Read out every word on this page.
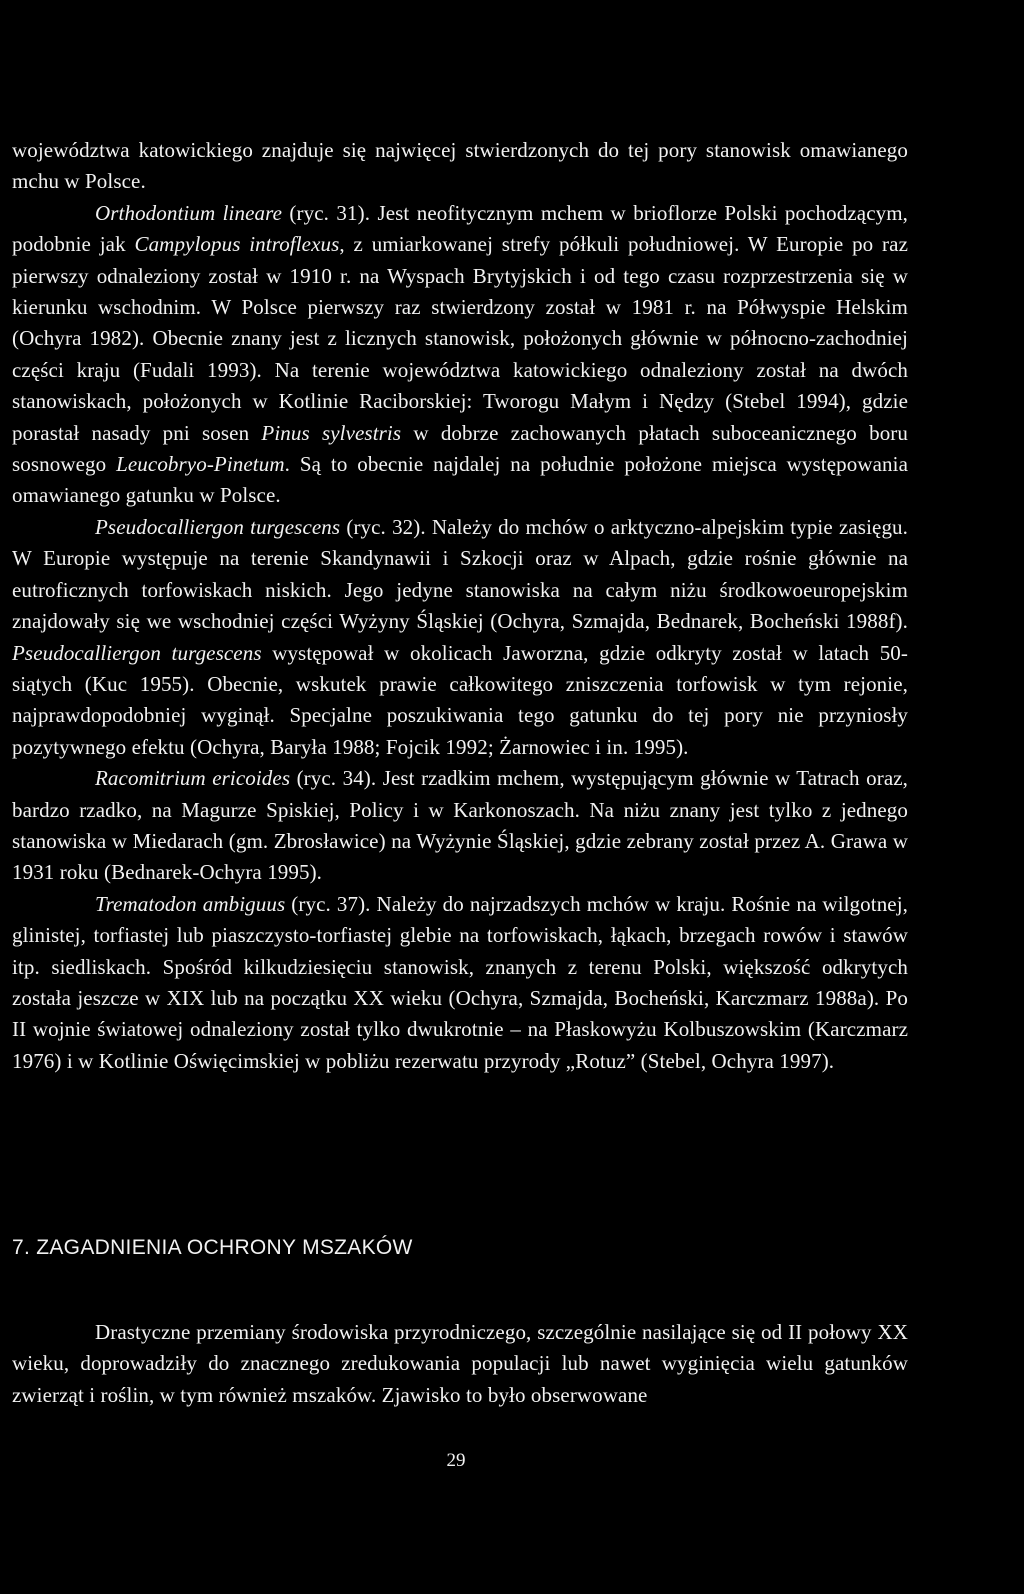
województwa katowickiego znajduje się najwięcej stwierdzonych do tej pory stanowisk omawianego mchu w Polsce.

Orthodontium lineare (ryc. 31). Jest neofitycznym mchem w brioflorze Polski pochodzącym, podobnie jak Campylopus introflexus, z umiarkowanej strefy półkuli południowej. W Europie po raz pierwszy odnaleziony został w 1910 r. na Wyspach Brytyjskich i od tego czasu rozprzestrzenia się w kierunku wschodnim. W Polsce pierwszy raz stwierdzony został w 1981 r. na Półwyspie Helskim (Ochyra 1982). Obecnie znany jest z licznych stanowisk, położonych głównie w północno-zachodniej części kraju (Fudali 1993). Na terenie województwa katowickiego odnaleziony został na dwóch stanowiskach, położonych w Kotlinie Raciborskiej: Tworogu Małym i Nędzy (Stebel 1994), gdzie porastał nasady pni sosen Pinus sylvestris w dobrze zachowanych płatach suboceanicznego boru sosnowego Leucobryo-Pinetum. Są to obecnie najdalej na południe położone miejsca występowania omawianego gatunku w Polsce.

Pseudocalliergon turgescens (ryc. 32). Należy do mchów o arktyczno-alpejskim typie zasięgu. W Europie występuje na terenie Skandynawii i Szkocji oraz w Alpach, gdzie rośnie głównie na eutroficznych torfowiskach niskich. Jego jedyne stanowiska na całym niżu środkowoeuropejskim znajdowały się we wschodniej części Wyżyny Śląskiej (Ochyra, Szmajda, Bednarek, Bocheński 1988f). Pseudocalliergon turgescens występował w okolicach Jaworzna, gdzie odkryty został w latach 50-siątych (Kuc 1955). Obecnie, wskutek prawie całkowitego zniszczenia torfowisk w tym rejonie, najprawdopodobniej wyginął. Specjalne poszukiwania tego gatunku do tej pory nie przyniosły pozytywnego efektu (Ochyra, Baryła 1988; Fojcik 1992; Żarnowiec i in. 1995).

Racomitrium ericoides (ryc. 34). Jest rzadkim mchem, występującym głównie w Tatrach oraz, bardzo rzadko, na Magurze Spiskiej, Policy i w Karkonoszach. Na niżu znany jest tylko z jednego stanowiska w Miedarach (gm. Zbrosławice) na Wyżynie Śląskiej, gdzie zebrany został przez A. Grawa w 1931 roku (Bednarek-Ochyra 1995).

Trematodon ambiguus (ryc. 37). Należy do najrzadszych mchów w kraju. Rośnie na wilgotnej, glinistej, torfiastej lub piaszczysto-torfiastej glebie na torfowiskach, łąkach, brzegach rowów i stawów itp. siedliskach. Spośród kilkudziesięciu stanowisk, znanych z terenu Polski, większość odkrytych została jeszcze w XIX lub na początku XX wieku (Ochyra, Szmajda, Bocheński, Karczmarz 1988a). Po II wojnie światowej odnaleziony został tylko dwukrotnie – na Płaskowyżu Kolbuszowskim (Karczmarz 1976) i w Kotlinie Oświęcimskiej w pobliżu rezerwatu przyrody „Rotuz” (Stebel, Ochyra 1997).

7. ZAGADNIENIA OCHRONY MSZAKÓW

Drastyczne przemiany środowiska przyrodniczego, szczególnie nasilające się od II połowy XX wieku, doprowadziły do znacznego zredukowania populacji lub nawet wyginięcia wielu gatunków zwierząt i roślin, w tym również mszaków. Zjawisko to było obserwowane

29
